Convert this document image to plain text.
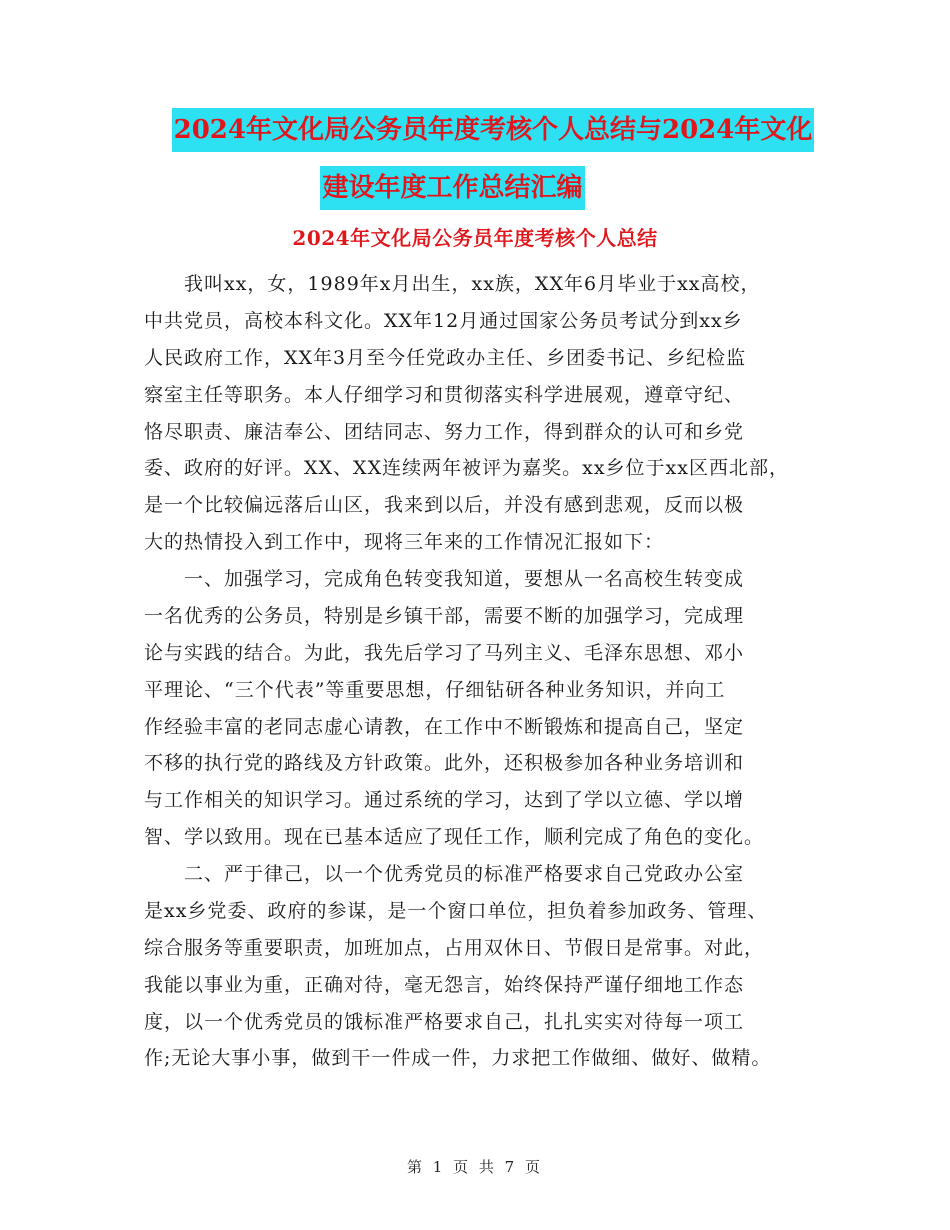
2024年文化局公务员年度考核个人总结与2024年文化
建设年度工作总结汇编
2024年文化局公务员年度考核个人总结
我叫xx，女，1989年x月出生，xx族，XX年6月毕业于xx高校，
中共党员，高校本科文化。XX年12月通过国家公务员考试分到xx乡
人民政府工作，XX年3月至今任党政办主任、乡团委书记、乡纪检监
察室主任等职务。本人仔细学习和贯彻落实科学进展观，遵章守纪、
恪尽职责、廉洁奉公、团结同志、努力工作，得到群众的认可和乡党
委、政府的好评。XX、XX连续两年被评为嘉奖。xx乡位于xx区西北部，
是一个比较偏远落后山区，我来到以后，并没有感到悲观，反而以极
大的热情投入到工作中，现将三年来的工作情况汇报如下：
一、加强学习，完成角色转变我知道，要想从一名高校生转变成
一名优秀的公务员，特别是乡镇干部，需要不断的加强学习，完成理
论与实践的结合。为此，我先后学习了马列主义、毛泽东思想、邓小
平理论、“三个代表”等重要思想，仔细钻研各种业务知识，并向工
作经验丰富的老同志虚心请教，在工作中不断锻炼和提高自己，坚定
不移的执行党的路线及方针政策。此外，还积极参加各种业务培训和
与工作相关的知识学习。通过系统的学习，达到了学以立德、学以增
智、学以致用。现在已基本适应了现任工作，顺利完成了角色的变化。
二、严于律己，以一个优秀党员的标准严格要求自己党政办公室
是xx乡党委、政府的参谋，是一个窗口单位，担负着参加政务、管理、
综合服务等重要职责，加班加点，占用双休日、节假日是常事。对此，
我能以事业为重，正确对待，毫无怨言，始终保持严谨仔细地工作态
度，以一个优秀党员的饿标准严格要求自己，扎扎实实对待每一项工
作;无论大事小事，做到干一件成一件，力求把工作做细、做好、做精。
第 1 页 共 7 页
